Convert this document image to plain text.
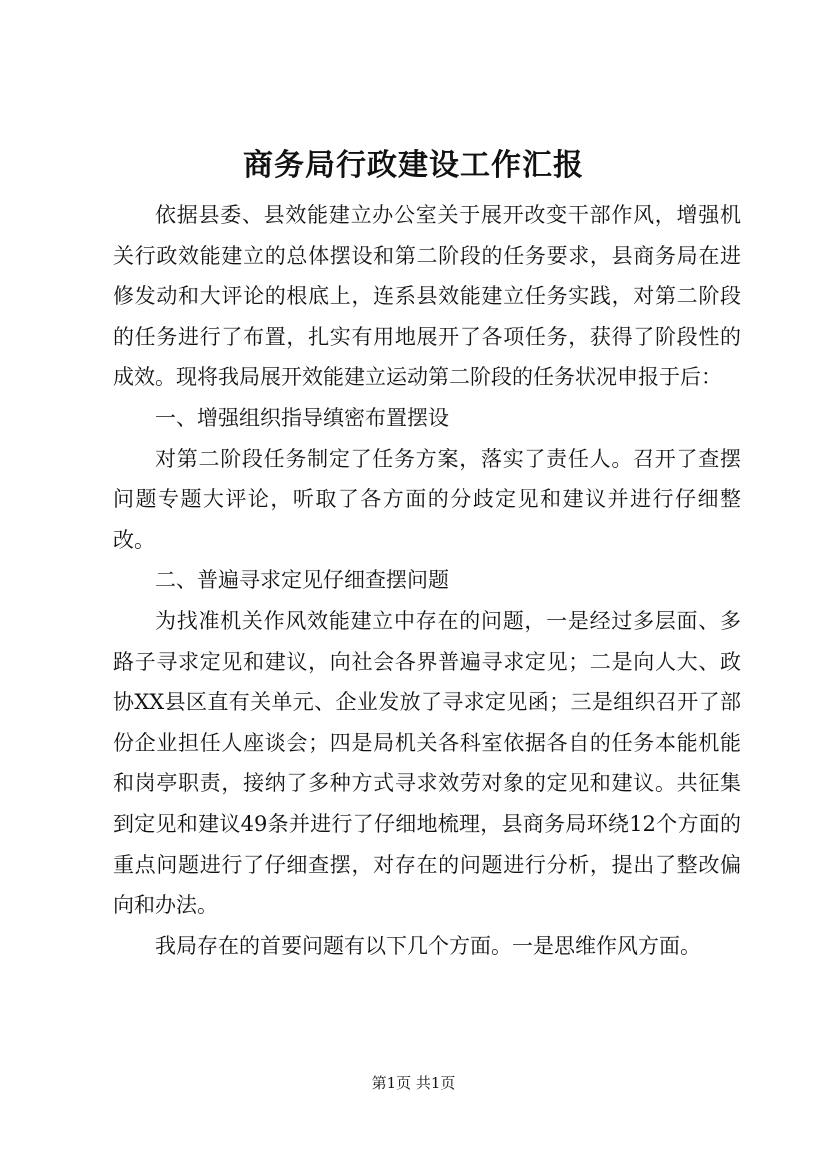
商务局行政建设工作汇报

依据县委、县效能建立办公室关于展开改变干部作风，增强机关行政效能建立的总体摆设和第二阶段的任务要求，县商务局在进修发动和大评论的根底上，连系县效能建立任务实践，对第二阶段的任务进行了布置，扎实有用地展开了各项任务，获得了阶段性的成效。现将我局展开效能建立运动第二阶段的任务状况申报于后：

一、增强组织指导缜密布置摆设

对第二阶段任务制定了任务方案，落实了责任人。召开了查摆问题专题大评论，听取了各方面的分歧定见和建议并进行仔细整改。

二、普遍寻求定见仔细查摆问题

为找准机关作风效能建立中存在的问题，一是经过多层面、多路子寻求定见和建议，向社会各界普遍寻求定见；二是向人大、政协XX县区直有关单元、企业发放了寻求定见函；三是组织召开了部份企业担任人座谈会；四是局机关各科室依据各自的任务本能机能和岗亭职责，接纳了多种方式寻求效劳对象的定见和建议。共征集到定见和建议49条并进行了仔细地梳理，县商务局环绕12个方面的重点问题进行了仔细查摆，对存在的问题进行分析，提出了整改偏向和办法。

我局存在的首要问题有以下几个方面。一是思维作风方面。

第1页 共1页
